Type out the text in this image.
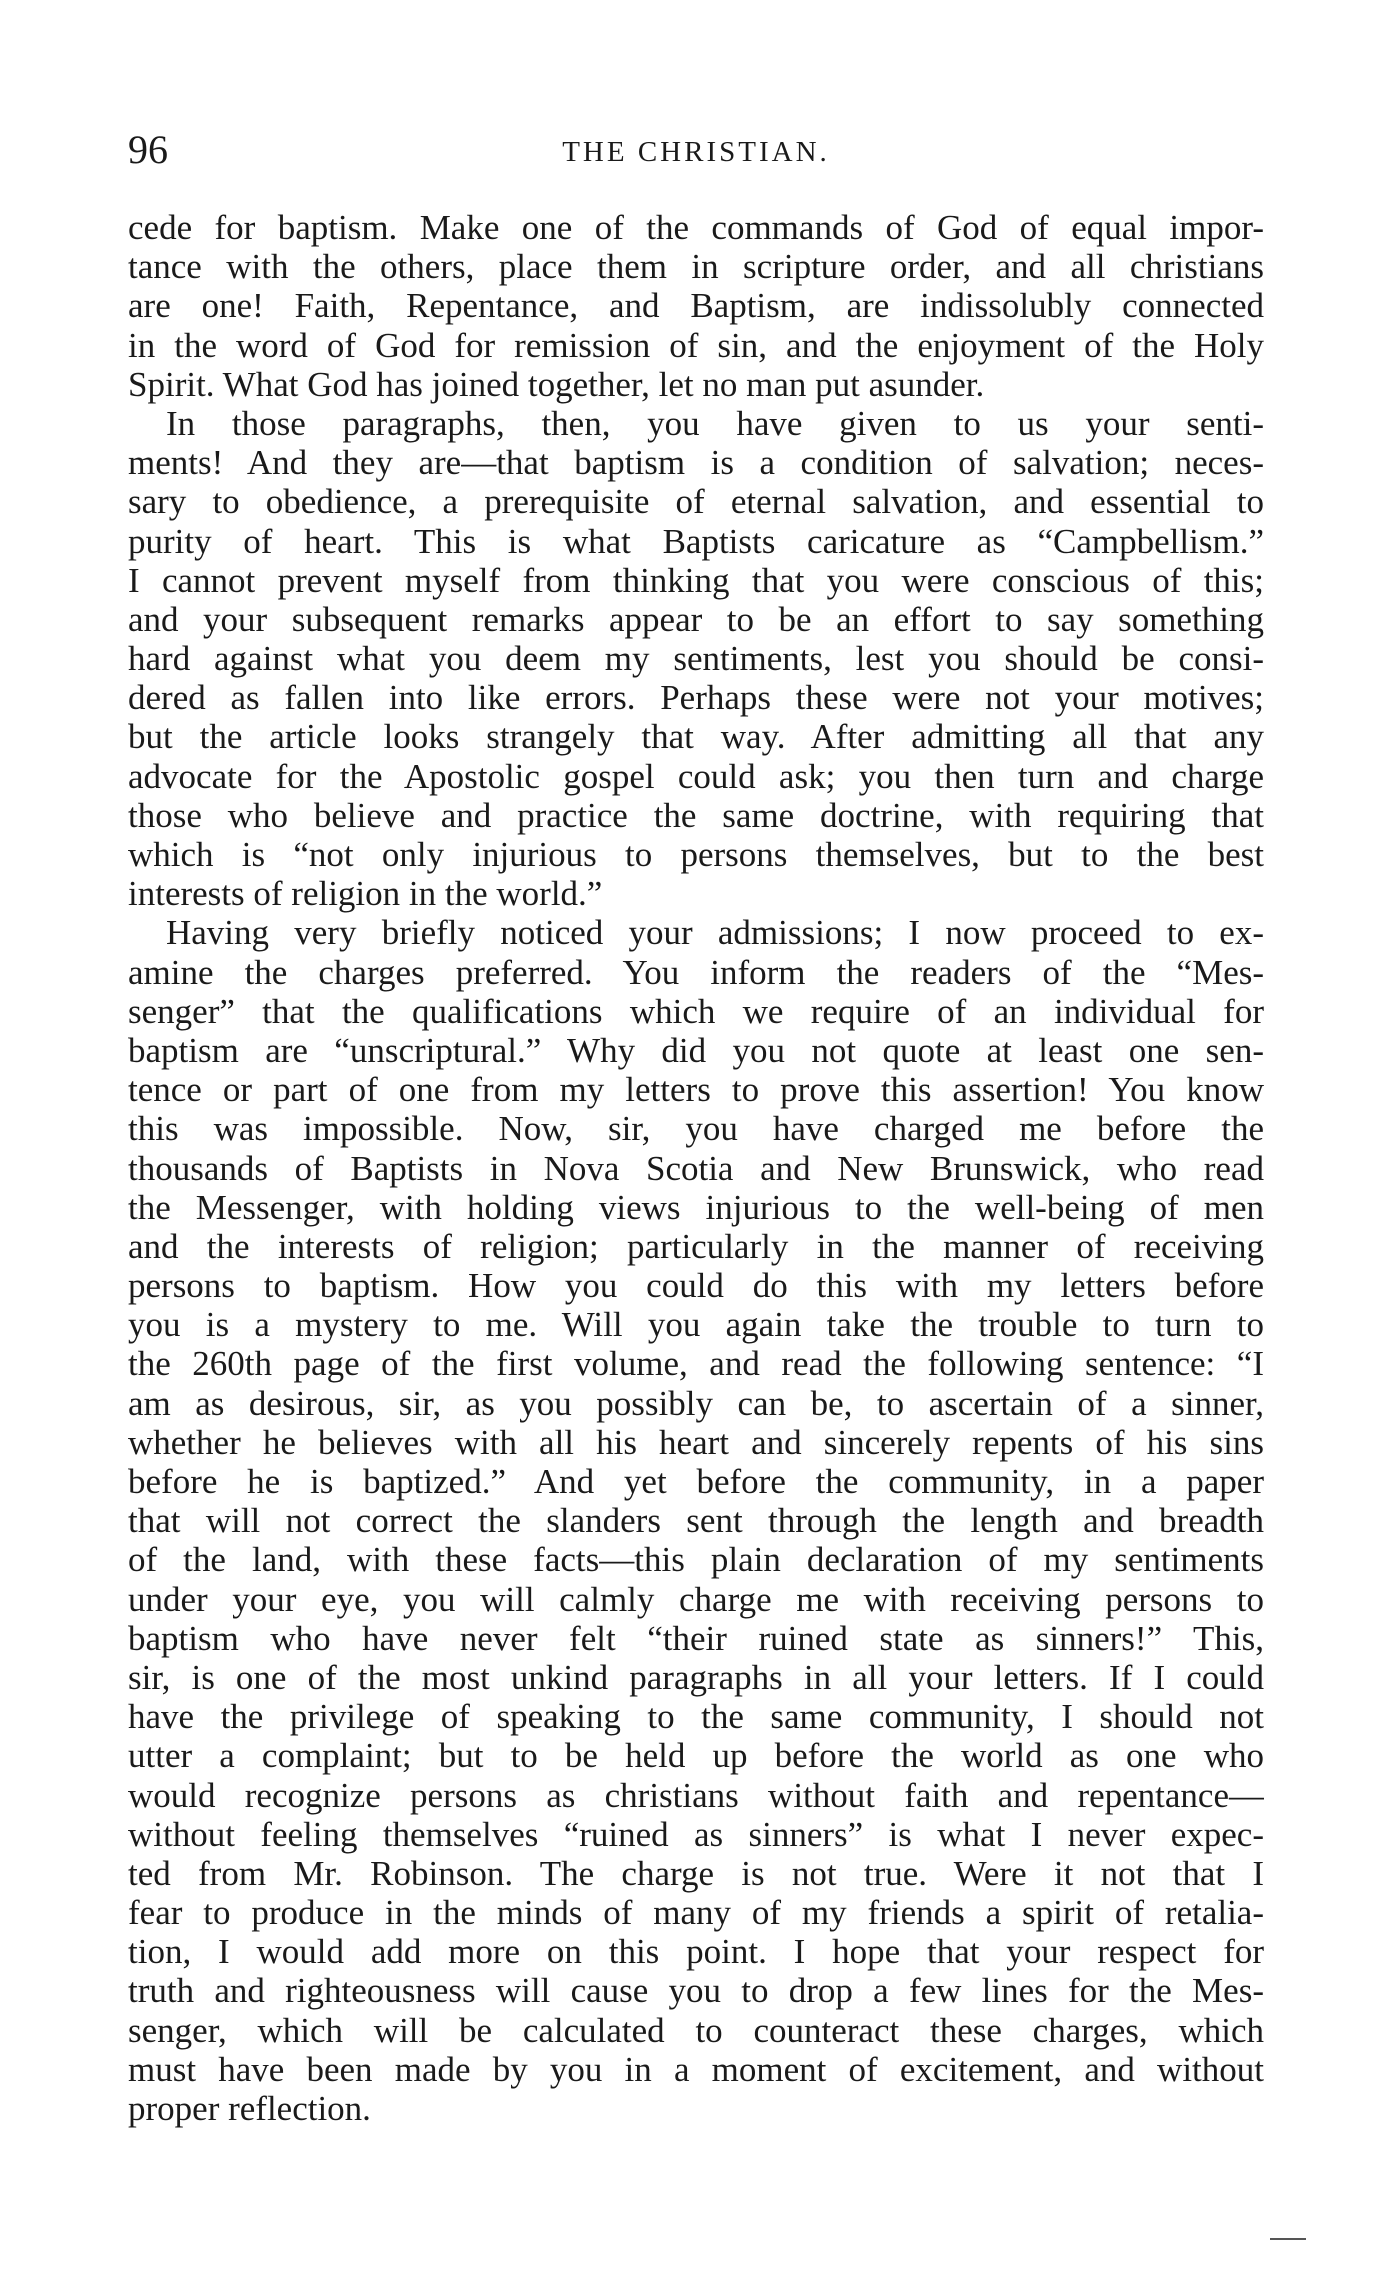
96	THE CHRISTIAN.
cede for baptism. Make one of the commands of God of equal impor-
tance with the others, place them in scripture order, and all christians
are one! Faith, Repentance, and Baptism, are indissolubly connected
in the word of God for remission of sin, and the enjoyment of the Holy
Spirit. What God has joined together, let no man put asunder.
In those paragraphs, then, you have given to us your senti-
ments! And they are—that baptism is a condition of salvation; neces-
sary to obedience, a prerequisite of eternal salvation, and essential to
purity of heart. This is what Baptists caricature as “Campbellism.”
I cannot prevent myself from thinking that you were conscious of this;
and your subsequent remarks appear to be an effort to say something
hard against what you deem my sentiments, lest you should be consi-
dered as fallen into like errors. Perhaps these were not your motives;
but the article looks strangely that way. After admitting all that any
advocate for the Apostolic gospel could ask; you then turn and charge
those who believe and practice the same doctrine, with requiring that
which is “not only injurious to persons themselves, but to the best
interests of religion in the world.”
Having very briefly noticed your admissions; I now proceed to ex-
amine the charges preferred. You inform the readers of the “Mes-
senger” that the qualifications which we require of an individual for
baptism are “unscriptural.” Why did you not quote at least one sen-
tence or part of one from my letters to prove this assertion! You know
this was impossible. Now, sir, you have charged me before the
thousands of Baptists in Nova Scotia and New Brunswick, who read
the Messenger, with holding views injurious to the well-being of men
and the interests of religion; particularly in the manner of receiving
persons to baptism. How you could do this with my letters before
you is a mystery to me. Will you again take the trouble to turn to
the 260th page of the first volume, and read the following sentence: “I
am as desirous, sir, as you possibly can be, to ascertain of a sinner,
whether he believes with all his heart and sincerely repents of his sins
before he is baptized.” And yet before the community, in a paper
that will not correct the slanders sent through the length and breadth
of the land, with these facts—this plain declaration of my sentiments
under your eye, you will calmly charge me with receiving persons to
baptism who have never felt “their ruined state as sinners!” This,
sir, is one of the most unkind paragraphs in all your letters. If I could
have the privilege of speaking to the same community, I should not
utter a complaint; but to be held up before the world as one who
would recognize persons as christians without faith and repentance—
without feeling themselves “ruined as sinners” is what I never expec-
ted from Mr. Robinson. The charge is not true. Were it not that I
fear to produce in the minds of many of my friends a spirit of retalia-
tion, I would add more on this point. I hope that your respect for
truth and righteousness will cause you to drop a few lines for the Mes-
senger, which will be calculated to counteract these charges, which
must have been made by you in a moment of excitement, and without
proper reflection.
